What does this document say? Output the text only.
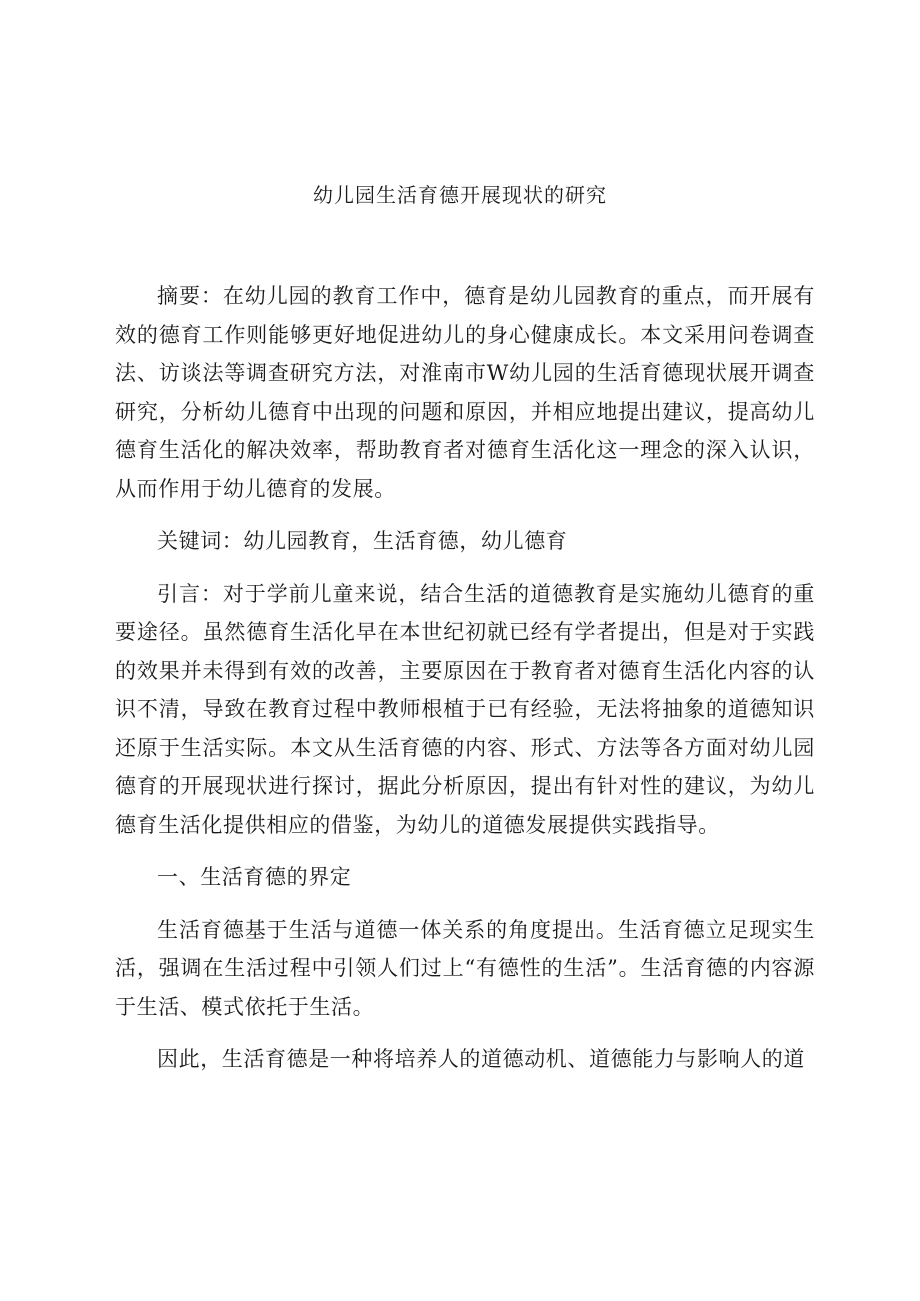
幼儿园生活育德开展现状的研究

摘要：在幼儿园的教育工作中，德育是幼儿园教育的重点，而开展有效的德育工作则能够更好地促进幼儿的身心健康成长。本文采用问卷调查法、访谈法等调查研究方法，对淮南市W幼儿园的生活育德现状展开调查研究，分析幼儿德育中出现的问题和原因，并相应地提出建议，提高幼儿德育生活化的解决效率，帮助教育者对德育生活化这一理念的深入认识，从而作用于幼儿德育的发展。

关键词：幼儿园教育，生活育德，幼儿德育

引言：对于学前儿童来说，结合生活的道德教育是实施幼儿德育的重要途径。虽然德育生活化早在本世纪初就已经有学者提出，但是对于实践的效果并未得到有效的改善，主要原因在于教育者对德育生活化内容的认识不清，导致在教育过程中教师根植于已有经验，无法将抽象的道德知识还原于生活实际。本文从生活育德的内容、形式、方法等各方面对幼儿园德育的开展现状进行探讨，据此分析原因，提出有针对性的建议，为幼儿德育生活化提供相应的借鉴，为幼儿的道德发展提供实践指导。

一、生活育德的界定

生活育德基于生活与道德一体关系的角度提出。生活育德立足现实生活，强调在生活过程中引领人们过上“有德性的生活”。生活育德的内容源于生活、模式依托于生活。

因此，生活育德是一种将培养人的道德动机、道德能力与影响人的道
